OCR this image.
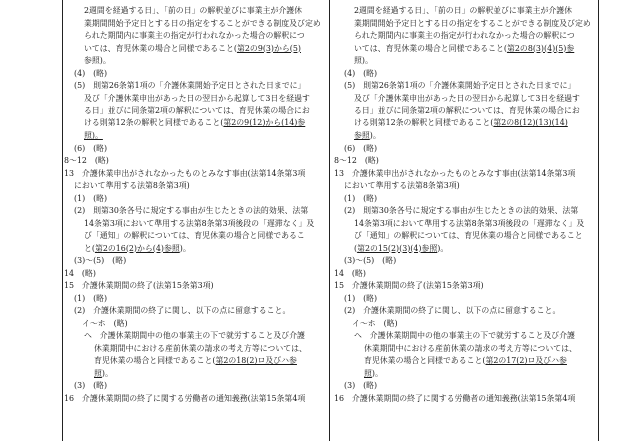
2週間を経過する日」、「前の日」の解釈並びに事業主が介護休
業期間開始予定日とする日の指定をすることができる制度及び定め
られた期間内に事業主の指定が行われなかった場合の解釈につ
いては、育児休業の場合と同様であること(第2の9(3)から(5)
参照)。
(4)　(略)
(5)　則第26条第1項の「介護休業開始予定日とされた日までに」
及び「介護休業申出があった日の翌日から起算して3日を経過す
る日」並びに同条第2項の解釈については、育児休業の場合にお
ける則第12条の解釈と同様であること(第2の9(12)から(14)参
照)。
(6)　(略)
8～12　(略)
13　介護休業申出がされなかったものとみなす事由(法第14条第3項
において準用する法第8条第3項)
(1)　(略)
(2)　則第30条各号に規定する事由が生じたときの法的効果、法第
14条第3項において準用する法第8条第3項後段の「遅滞なく」及
び「通知」の解釈については、育児休業の場合と同様であるこ
と(第2の16(2)から(4)参照)。
(3)～(5)　(略)
14　(略)
15　介護休業期間の終了(法第15条第3項)
(1)　(略)
(2)　介護休業期間の終了に関し、以下の点に留意すること。
イ～ホ　(略)
ヘ　介護休業期間中の他の事業主の下で就労すること及び介護
休業期間中における産前休業の請求の考え方等については、
育児休業の場合と同様であること(第2の18(2)ロ及びハ参
照)。
(3)　(略)
16　介護休業期間の終了に関する労働者の通知義務(法第15条第4項
2週間を経過する日」、「前の日」の解釈並びに事業主が介護休
業期間開始予定日とする日の指定をすることができる制度及び定め
られた期間内に事業主の指定が行われなかった場合の解釈につ
いては、育児休業の場合と同様であること(第2の8(3)(4)(5)参
照)。
(4)　(略)
(5)　則第26条第1項の「介護休業開始予定日とされた日までに」
及び「介護休業申出があった日の翌日から起算して3日を経過す
る日」並びに同条第2項の解釈については、育児休業の場合にお
ける則第12条の解釈と同様であること(第2の8(12)(13)(14)
参照)。
(6)　(略)
8～12　(略)
13　介護休業申出がされなかったものとみなす事由(法第14条第3項
において準用する法第8条第3項)
(1)　(略)
(2)　則第30条各号に規定する事由が生じたときの法的効果、法第
14条第3項において準用する法第8条第3項後段の「遅滞なく」及
び「通知」の解釈については、育児休業の場合と同様であること
(第2の15(2)(3)(4)参照)。
(3)～(5)　(略)
14　(略)
15　介護休業期間の終了(法第15条第3項)
(1)　(略)
(2)　介護休業期間の終了に関し、以下の点に留意すること。
イ～ホ　(略)
ヘ　介護休業期間中の他の事業主の下で就労すること及び介護
休業期間中における産前休業の請求の考え方等については、
育児休業の場合と同様であること(第2の17(2)ロ及びハ参
照)。
(3)　(略)
16　介護休業期間の終了に関する労働者の通知義務(法第15条第4項
